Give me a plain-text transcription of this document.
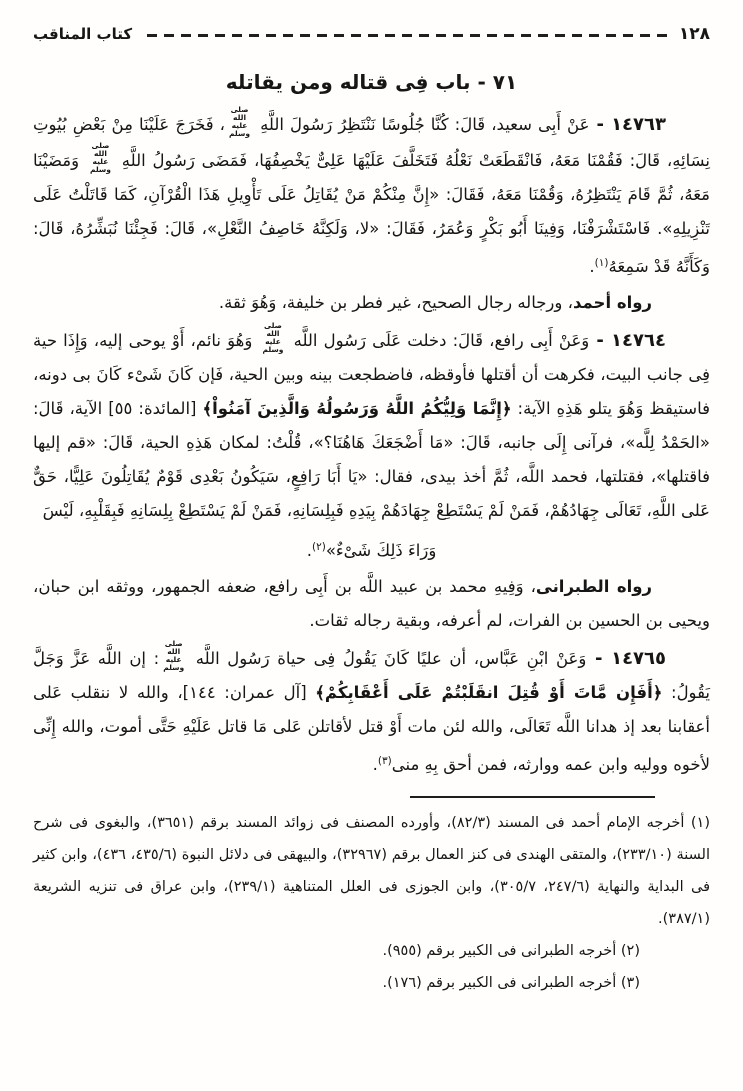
١٢٨
كتاب المناقب
٧١ - باب فِى قتاله ومن يقاتله
١٤٧٦٣ - عَنْ أَبِى سعيد، قَالَ: كُنَّا جُلُوسًا نَنْتَظِرُ رَسُولَ اللَّهِ صلى الله عليه وسلم، فَخَرَجَ عَلَيْنَا مِنْ بَعْضِ بُيُوتِ نِسَائِهِ، قَالَ: فَقُمْنَا مَعَهُ، فَانْقَطَعَتْ نَعْلُهُ فَتَخَلَّفَ عَلَيْهَا عَلِىٌّ يَخْصِفُهَا، فَمَضَى رَسُولُ اللَّهِ صلى الله عليه وسلم وَمَضَيْنَا مَعَهُ، ثُمَّ قَامَ يَنْتَظِرُهُ، وَقُمْنَا مَعَهُ، فَقَالَ: «إِنَّ مِنْكُمْ مَنْ يُقَاتِلُ عَلَى تَأْوِيلِ هَذَا الْقُرْآنِ، كَمَا قَاتَلْتُ عَلَى تَنْزِيلِهِ». فَاسْتَشْرَفْنَا، وَفِينَا أَبُو بَكْرٍ وَعُمَرُ، فَقَالَ: «لا، وَلَكِنَّهُ خَاصِفُ النَّعْلِ»، قَالَ: فَجِئْنَا نُبَشِّرُهُ، قَالَ: وَكَأَنَّهُ قَدْ سَمِعَهُ$^{(١)}$.
رواه أحمد، ورجاله رجال الصحيح، غير فطر بن خليفة، وَهُوَ ثقة.
١٤٧٦٤ - وَعَنْ أَبِى رافع، قَالَ: دخلت عَلَى رَسُول اللَّه صلى الله عليه وسلم وَهُوَ نائم، أَوْ يوحى إليه، وَإِذَا حية فِى جانب البيت، فكرهت أن أقتلها فأوقظه، فاضطجعت بينه وبين الحية، فَإن كَانَ شَىْء كَانَ بى دونه، فاستيقظ وَهُوَ يتلو هَذِهِ الآية: ﴿إِنَّمَا وَلِيُّكُمُ اللَّهُ وَرَسُولُهُ وَالَّذِينَ آمَنُواْ﴾ [المائدة: ٥٥] الآية، قَالَ: «الحَمْدُ لِلَّه»، فرآنى إِلَى جانبه، قَالَ: «مَا أَضْجَعَكَ هَاهُنَا؟»، قُلْتُ: لمكان هَذِهِ الحية، قَالَ: «قم إليها فاقتلها»، فقتلتها، فحمد اللَّه، ثُمَّ أخذ بيدى، فقال: «يَا أَبَا رَافِعٍ، سَيَكُونُ بَعْدِى قَوْمٌ يُقَاتِلُونَ عَلِيًّا، حَقٌّ عَلى اللَّهِ، تَعَالَى جِهَادُهُمْ، فَمَنْ لَمْ يَسْتَطِعْ جِهَادَهُمْ بِيَدِهِ فَبِلِسَانِهِ، فَمَنْ لَمْ يَسْتَطِعْ بِلِسَانِهِ فَبِقَلْبِهِ، لَيْسَ
وَرَاءَ ذَلِكَ شَىْءٌ»$^{(٢)}$.
رواه الطبرانى، وَفِيهِ محمد بن عبيد اللَّه بن أَبِى رافع، ضعفه الجمهور، ووثقه ابن حبان، ويحيى بن الحسين بن الفرات، لم أعرفه، وبقية رجاله ثقات.
١٤٧٦٥ - وَعَنْ ابْنِ عَبَّاس، أن عليًا كَانَ يَقُولُ فِى حياة رَسُول اللَّه صلى الله عليه وسلم: إن اللَّه عَزَّ وَجَلَّ يَقُولُ: ﴿أَفَإِن مَّاتَ أَوْ قُتِلَ انقَلَبْتُمْ عَلَى أَعْقَابِكُمْ﴾ [آل عمران: ١٤٤]، والله لا ننقلب عَلى أعقابنا بعد إذ هدانا اللَّه تَعَالَى، والله لئن مات أَوْ قتل لأقاتلن عَلى مَا قاتل عَلَيْهِ حَتَّى أموت، والله إِنِّى لأخوه ووليه وابن عمه ووارثه، فمن أحق بِهِ منى$^{(٣)}$.
(١) أخرجه الإمام أحمد فى المسند (٨٢/٣)، وأورده المصنف فى زوائد المسند برقم (٣٦٥١)، والبغوى فى شرح السنة (٢٣٣/١٠)، والمتقى الهندى فى كنز العمال برقم (٣٢٩٦٧)، والبيهقى فى دلائل النبوة (٤٣٥/٦، ٤٣٦)، وابن كثير فى البداية والنهاية (٢٤٧/٦، ٣٠٥/٧)، وابن الجوزى فى العلل المتناهية (٢٣٩/١)، وابن عراق فى تنزيه الشريعة (٣٨٧/١).
(٢) أخرجه الطبرانى فى الكبير برقم (٩٥٥).
(٣) أخرجه الطبرانى فى الكبير برقم (١٧٦).
